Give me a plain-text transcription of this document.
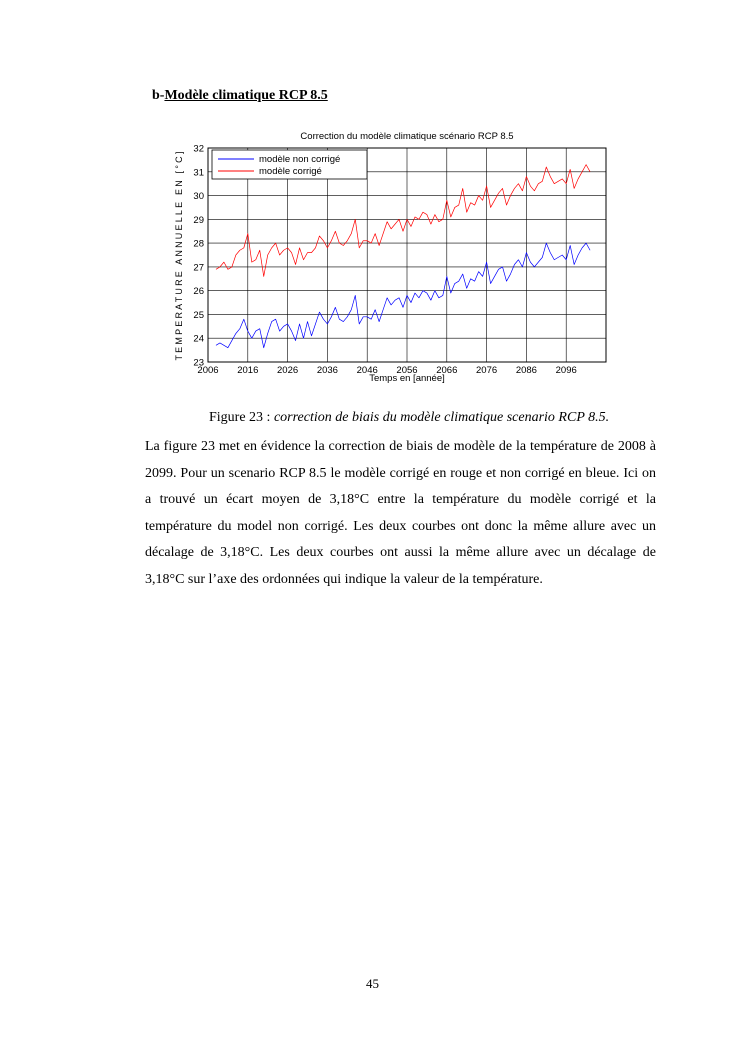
b-Modèle climatique RCP 8.5
23
24
25
26
27
28
29
30
31
32
2006 2016 2026 2036 2046 2056 2066 2076 2086 2096
Correction du modèle climatique scénario RCP 8.5
Temps en [année]
TEMPERATURE ANNUELLE EN [°C]	modèle non corrigé
modèle corrigé
Figure 23 : correction de biais du modèle climatique scenario RCP 8.5.

La figure 23 met en évidence la correction de biais de modèle de la température de 2008 à 2099. Pour un scenario RCP 8.5 le modèle corrigé en rouge et non corrigé en bleue. Ici on a trouvé un écart moyen de 3,18°C entre la température du modèle corrigé et la température du model non corrigé. Les deux courbes ont donc la même allure avec un décalage de 3,18°C. Les deux courbes ont aussi la même allure avec un décalage de 3,18°C sur l’axe des ordonnées qui indique la valeur de la température.

45
